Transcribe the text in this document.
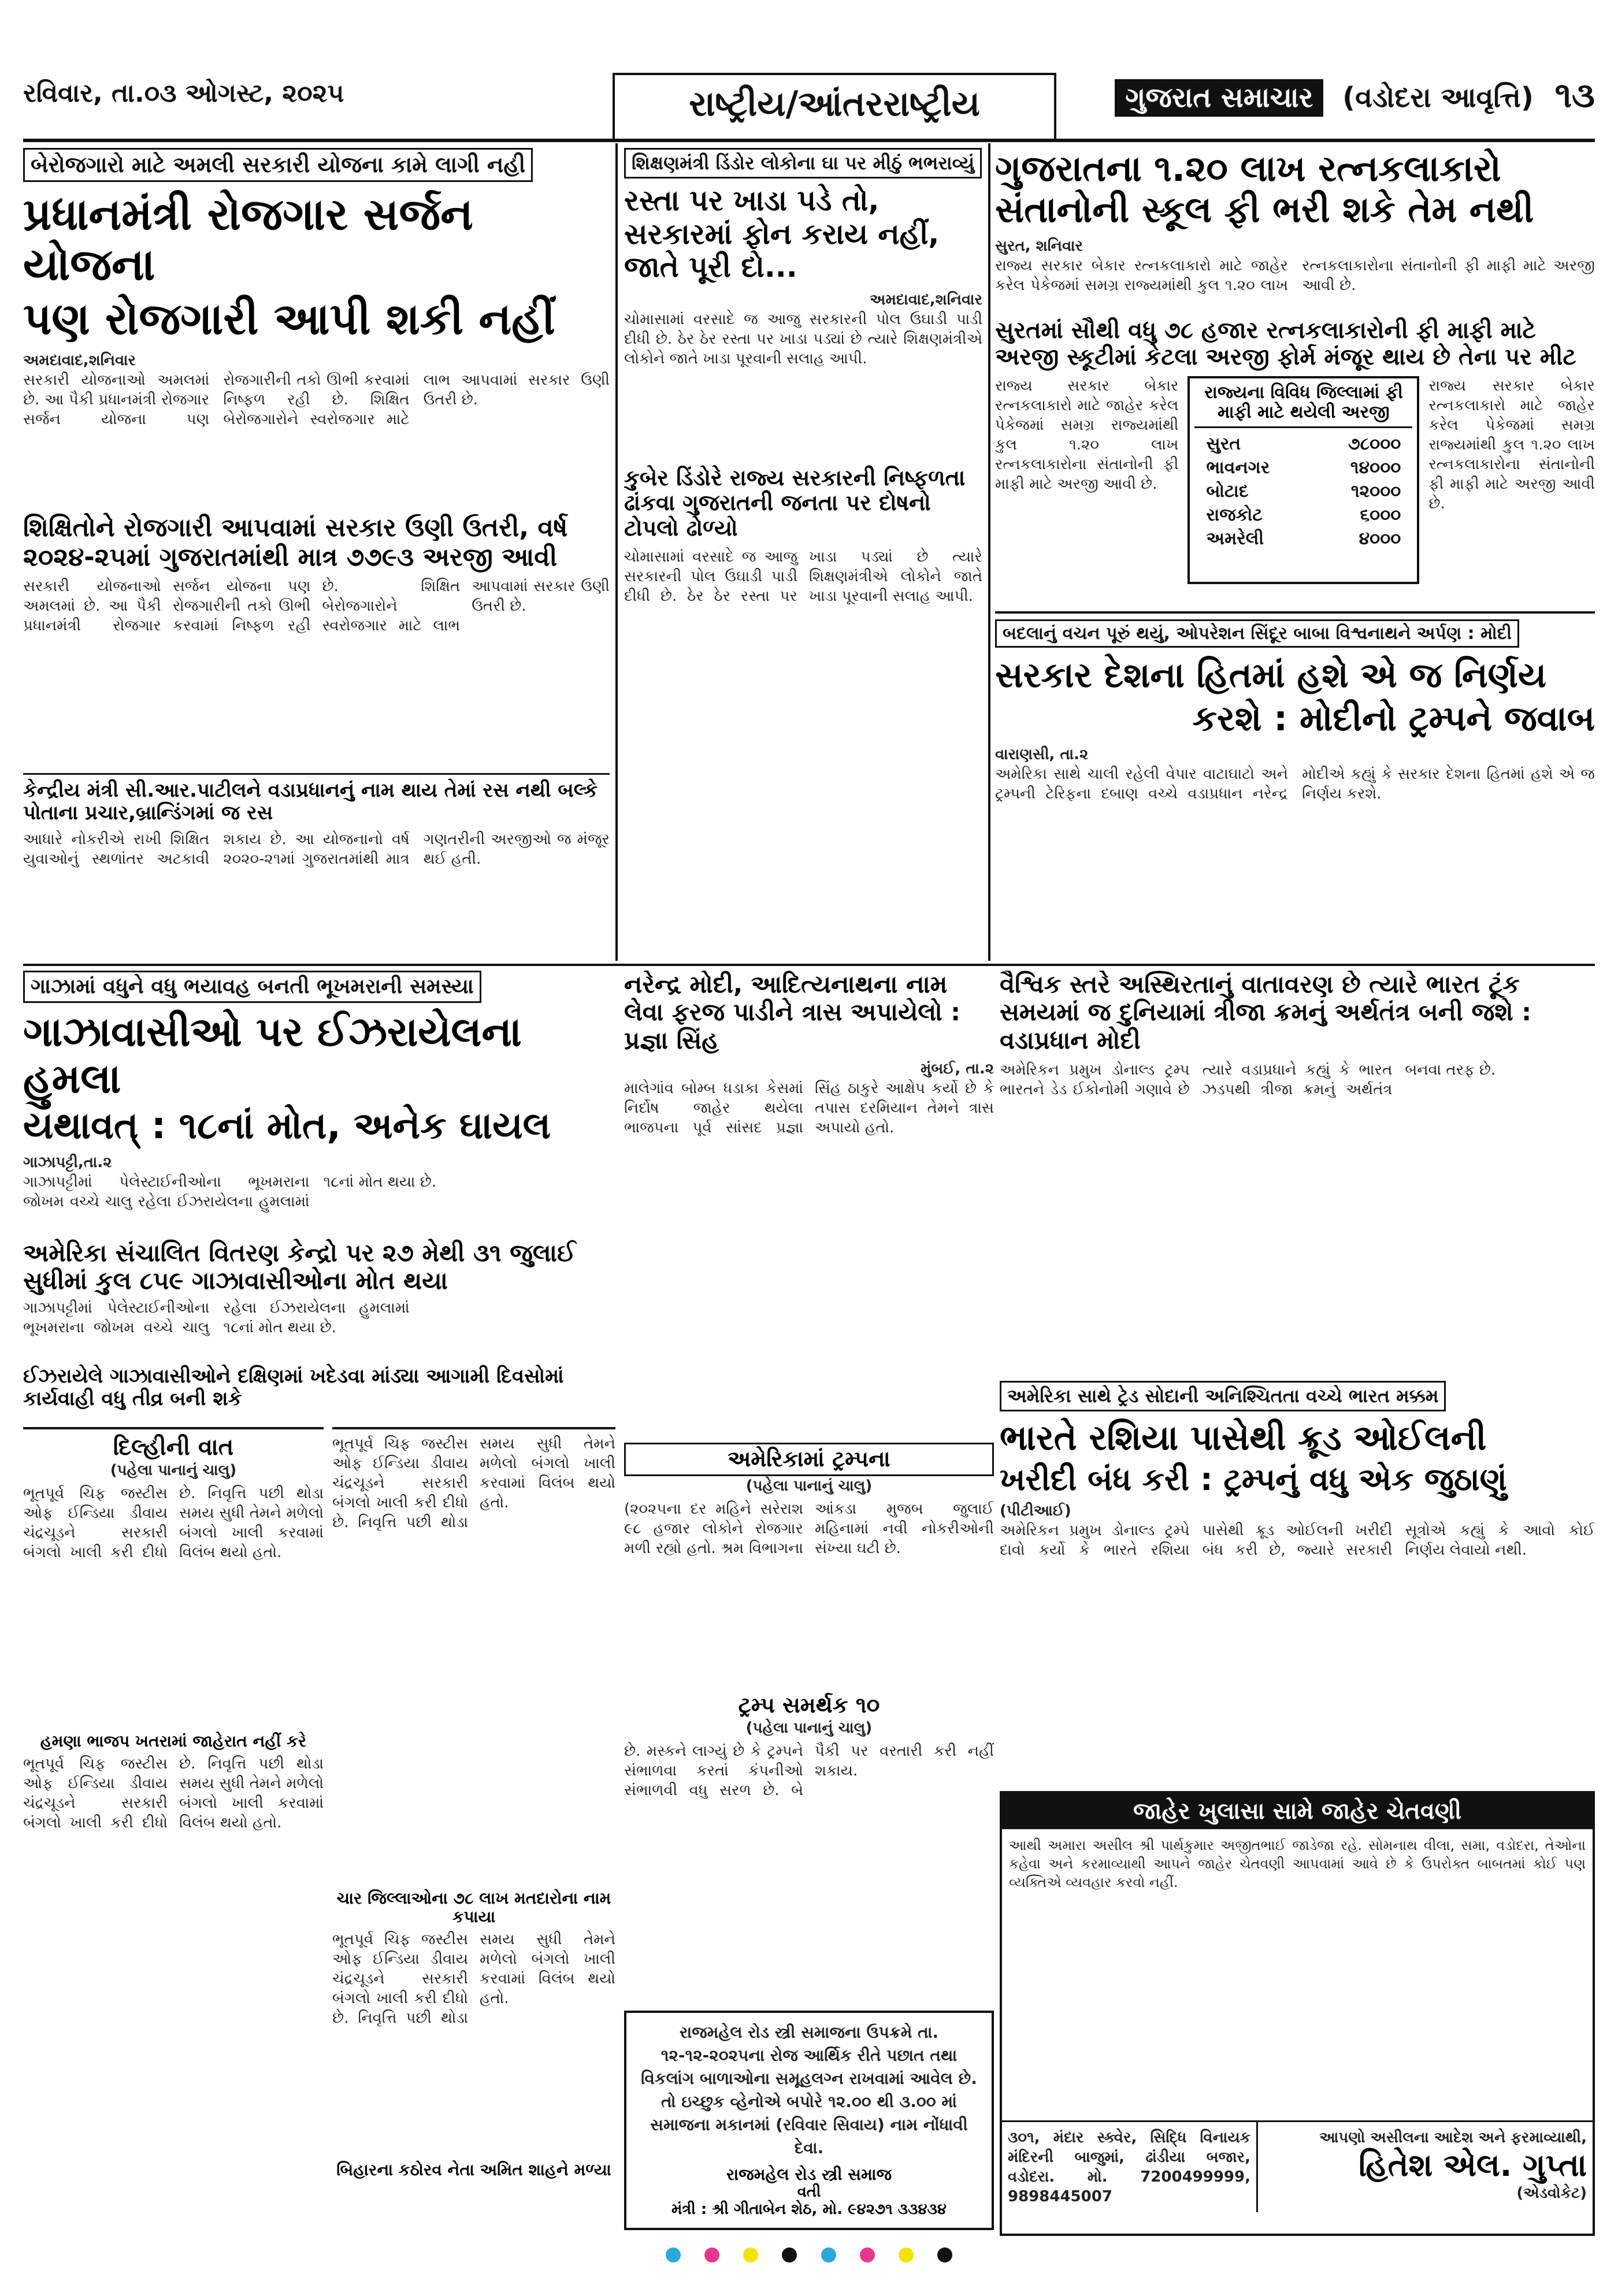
રવિવાર, તા.૦૩ ઓગસ્ટ, ૨૦૨૫	રાષ્ટ્રીય/આંતરરાષ્ટ્રીય	ગુજરાત સમાચાર (વડોદરા આવૃત્તિ) ૧૩
બેરોજગારો માટે અમલી સરકારી યોજના કામે લાગી નહી
પ્રધાનમંત્રી રોજગાર સર્જન યોજના
પણ રોજગારી આપી શકી નહીં
અમદાવાદ,શનિવાર
સરકારી યોજનાઓ અમલમાં છે. આ પૈકી પ્રધાનમંત્રી રોજગાર સર્જન યોજના પણ રોજગારીની તકો ઊભી કરવામાં નિષ્ફળ રહી છે. શિક્ષિત બેરોજગારોને સ્વરોજગાર માટે લાભ આપવામાં સરકાર ઉણી ઉતરી છે.
શિક્ષિતોને રોજગારી આપવામાં સરકાર ઉણી ઉતરી, વર્ષ ૨૦૨૪-૨૫માં ગુજરાતમાંથી માત્ર ૭૭૯૩ અરજી આવી
સરકારી યોજનાઓ અમલમાં છે. આ પૈકી પ્રધાનમંત્રી રોજગાર સર્જન યોજના પણ રોજગારીની તકો ઊભી કરવામાં નિષ્ફળ રહી છે. શિક્ષિત બેરોજગારોને સ્વરોજગાર માટે લાભ આપવામાં સરકાર ઉણી ઉતરી છે.
કેન્દ્રીય મંત્રી સી.આર.પાટીલને વડાપ્રધાનનું નામ થાય તેમાં રસ નથી બલ્કે પોતાના પ્રચાર,બ્રાન્ડિંગમાં જ રસ
આધારે નોકરીએ રાખી શિક્ષિત યુવાઓનું સ્થળાંતર અટકાવી શકાય છે. આ યોજનાનો વર્ષ ૨૦૨૦-૨૧માં ગુજરાતમાંથી માત્ર ગણતરીની અરજીઓ જ મંજૂર થઈ હતી.
શિક્ષણમંત્રી ડિંડોર લોકોના ઘા પર મીઠું ભભરાવ્યું
રસ્તા પર ખાડા પડે તો, સરકારમાં ફોન કરાય નહીં, જાતે પૂરી દો...
અમદાવાદ,શનિવાર
ચોમાસામાં વરસાદે જ આજુ સરકારની પોલ ઉઘાડી પાડી દીધી છે. ઠેર ઠેર રસ્તા પર ખાડા પડ્યાં છે ત્યારે શિક્ષણમંત્રીએ લોકોને જાતે ખાડા પૂરવાની સલાહ આપી.
કુબેર ડિંડોરે રાજ્ય સરકારની નિષ્ફળતા ઢાંકવા ગુજરાતની જનતા પર દોષનો ટોપલો ઢોળ્યો
ચોમાસામાં વરસાદે જ આજુ સરકારની પોલ ઉઘાડી પાડી દીધી છે. ઠેર ઠેર રસ્તા પર ખાડા પડ્યાં છે ત્યારે શિક્ષણમંત્રીએ લોકોને જાતે ખાડા પૂરવાની સલાહ આપી.
ગુજરાતના ૧.૨૦ લાખ રત્નકલાકારો સંતાનોની સ્કૂલ ફી ભરી શકે તેમ નથી
સુરત, શનિવાર
રાજ્ય સરકાર બેકાર રત્નકલાકારો માટે જાહેર કરેલ પેકેજમાં સમગ્ર રાજ્યમાંથી કુલ ૧.૨૦ લાખ રત્નકલાકારોના સંતાનોની ફી માફી માટે અરજી આવી છે.
સુરતમાં સૌથી વધુ ૭૮ હજાર રત્નકલાકારોની ફી માફી માટે અરજી સ્કૂટીમાં કેટલા અરજી ફોર્મ મંજૂર થાય છે તેના પર મીટ
રાજ્ય સરકાર બેકાર રત્નકલાકારો માટે જાહેર કરેલ પેકેજમાં સમગ્ર રાજ્યમાંથી કુલ ૧.૨૦ લાખ રત્નકલાકારોના સંતાનોની ફી માફી માટે અરજી આવી છે.
રાજ્યના વિવિધ જિલ્લામાં ફી માફી માટે થયેલી અરજી
સુરત	૭૮૦૦૦
ભાવનગર	૧૪૦૦૦
બોટાદ	૧૨૦૦૦
રાજકોટ	૬૦૦૦
અમરેલી	૪૦૦૦
રાજ્ય સરકાર બેકાર રત્નકલાકારો માટે જાહેર કરેલ પેકેજમાં સમગ્ર રાજ્યમાંથી કુલ ૧.૨૦ લાખ રત્નકલાકારોના સંતાનોની ફી માફી માટે અરજી આવી છે.
બદલાનું વચન પૂરું થયું, ઓપરેશન સિંદૂર બાબા વિશ્વનાથને અર્પણ : મોદી
સરકાર દેશના હિતમાં હશે એ જ નિર્ણય
કરશે : મોદીનો ટ્રમ્પને જવાબ
વારાણસી, તા.૨
અમેરિકા સાથે ચાલી રહેલી વેપાર વાટાઘાટો અને ટ્રમ્પની ટેરિફના દબાણ વચ્ચે વડાપ્રધાન નરેન્દ્ર મોદીએ કહ્યું કે સરકાર દેશના હિતમાં હશે એ જ નિર્ણય કરશે.
ગાઝામાં વધુને વધુ ભયાવહ બનતી ભૂખમરાની સમસ્યા
ગાઝાવાસીઓ પર ઈઝરાયેલના હુમલા
યથાવત્ : ૧૮નાં મોત, અનેક ઘાયલ
ગાઝાપટ્ટી,તા.૨
ગાઝાપટ્ટીમાં પેલેસ્ટાઈનીઓના ભૂખમરાના જોખમ વચ્ચે ચાલુ રહેલા ઈઝરાયેલના હુમલામાં ૧૮નાં મોત થયા છે.
અમેરિકા સંચાલિત વિતરણ કેન્દ્રો પર ૨૭ મેથી ૩૧ જુલાઈ સુધીમાં કુલ ૮૫૯ ગાઝાવાસીઓના મોત થયા
ગાઝાપટ્ટીમાં પેલેસ્ટાઈનીઓના ભૂખમરાના જોખમ વચ્ચે ચાલુ રહેલા ઈઝરાયેલના હુમલામાં ૧૮નાં મોત થયા છે.
ઈઝરાયેલે ગાઝાવાસીઓને દક્ષિણમાં ખદેડવા માંડ્યા આગામી દિવસોમાં કાર્યવાહી વધુ તીવ્ર બની શકે
નરેન્દ્ર મોદી, આદિત્યનાથના નામ લેવા ફરજ પાડીને ત્રાસ અપાયેલો : પ્રજ્ઞા સિંહ
મુંબઈ, તા.૨
માલેગાંવ બોમ્બ ધડાકા કેસમાં નિર્દોષ જાહેર થયેલા ભાજપના પૂર્વ સાંસદ પ્રજ્ઞા સિંહ ઠાકુરે આક્ષેપ કર્યો છે કે તપાસ દરમિયાન તેમને ત્રાસ અપાયો હતો.
અમેરિકામાં ટ્રમ્પના
(પહેલા પાનાનું ચાલુ)
(૨૦૨૫ના દર મહિને સરેરાશ ૯૮ હજાર લોકોને રોજગાર મળી રહ્યો હતો. શ્રમ વિભાગના આંકડા મુજબ જુલાઈ મહિનામાં નવી નોકરીઓની સંખ્યા ઘટી છે.
વૈશ્વિક સ્તરે અસ્થિરતાનું વાતાવરણ છે ત્યારે ભારત ટૂંક સમયમાં જ દુનિયામાં ત્રીજા ક્રમનું અર્થતંત્ર બની જશે : વડાપ્રધાન મોદી
અમેરિકન પ્રમુખ ડોનાલ્ડ ટ્રમ્પ ભારતને ડેડ ઈકોનોમી ગણાવે છે ત્યારે વડાપ્રધાને કહ્યું કે ભારત ઝડપથી ત્રીજા ક્રમનું અર્થતંત્ર બનવા તરફ છે.
અમેરિકા સાથે ટ્રેડ સોદાની અનિશ્ચિતતા વચ્ચે ભારત મક્કમ
ભારતે રશિયા પાસેથી ક્રૂડ ઓઈલની
ખરીદી બંધ કરી : ટ્રમ્પનું વધુ એક જુઠાણું
(પીટીઆઈ)
અમેરિકન પ્રમુખ ડોનાલ્ડ ટ્રમ્પે દાવો કર્યો કે ભારતે રશિયા પાસેથી ક્રૂડ ઓઈલની ખરીદી બંધ કરી છે, જ્યારે સરકારી સૂત્રોએ કહ્યું કે આવો કોઈ નિર્ણય લેવાયો નથી.
દિલ્હીની વાત
(પહેલા પાનાનું ચાલુ)
ભૂતપૂર્વ ચિફ જસ્ટીસ ઓફ ઈન્ડિયા ડીવાય ચંદ્રચૂડને સરકારી બંગલો ખાલી કરી દીધો છે. નિવૃત્તિ પછી થોડા સમય સુધી તેમને મળેલો બંગલો ખાલી કરવામાં વિલંબ થયો હતો.
હમણા ભાજપ ખતરામાં જાહેરાત નહીં કરે
ભૂતપૂર્વ ચિફ જસ્ટીસ ઓફ ઈન્ડિયા ડીવાય ચંદ્રચૂડને સરકારી બંગલો ખાલી કરી દીધો છે. નિવૃત્તિ પછી થોડા સમય સુધી તેમને મળેલો બંગલો ખાલી કરવામાં વિલંબ થયો હતો.
ભૂતપૂર્વ ચિફ જસ્ટીસ ઓફ ઈન્ડિયા ડીવાય ચંદ્રચૂડને સરકારી બંગલો ખાલી કરી દીધો છે. નિવૃત્તિ પછી થોડા સમય સુધી તેમને મળેલો બંગલો ખાલી કરવામાં વિલંબ થયો હતો.
ચાર જિલ્લાઓના ૭૮ લાખ મતદારોના નામ કપાયા
ભૂતપૂર્વ ચિફ જસ્ટીસ ઓફ ઈન્ડિયા ડીવાય ચંદ્રચૂડને સરકારી બંગલો ખાલી કરી દીધો છે. નિવૃત્તિ પછી થોડા સમય સુધી તેમને મળેલો બંગલો ખાલી કરવામાં વિલંબ થયો હતો.
બિહારના કઠોરવ નેતા અમિત શાહને મળ્યા
ટ્રમ્પ સમર્થક ૧૦
(પહેલા પાનાનું ચાલુ)
છે. મસ્કને લાગ્યું છે કે ટ્રમ્પને સંભાળવા કરતાં કંપનીઓ સંભાળવી વધુ સરળ છે. બે પૈકી પર વરતારી કરી નહીં શકાય.
રાજમહેલ રોડ સ્ત્રી સમાજના ઉપક્રમે તા. ૧૨-૧૨-૨૦૨૫ના રોજ આર્થિક રીતે પછાત તથા વિકલાંગ બાળાઓના સમૂહલગ્ન રાખવામાં આવેલ છે. તો ઇચ્છુક વ્હેનોએ બપોરે ૧૨.૦૦ થી ૩.૦૦ માં સમાજના મકાનમાં (રવિવાર સિવાય) નામ નોંધાવી દેવા.
રાજમહેલ રોડ સ્ત્રી સમાજ
વતી
મંત્રી : શ્રી ગીતાબેન શેઠ, મો. ૯૪૨૭૧ ૩૩૪૩૪
જાહેર ખુલાસા સામે જાહેર ચેતવણી
આથી અમારા અસીલ શ્રી પાર્થકુમાર અજીતભાઈ જાડેજા રહે. સોમનાથ વીલા, સમા, વડોદરા, તેઓના કહેવા અને કરમાવ્યાથી આપને જાહેર ચેતવણી આપવામાં આવે છે કે ઉપરોક્ત બાબતમાં કોઈ પણ વ્યક્તિએ વ્યવહાર કરવો નહીં.
૩૦૧, મંદાર સ્ક્વેર, સિદ્ધિ વિનાયક મંદિરની બાજુમાં, ઢાંડીયા બજાર, વડોદરા. મો. 7200499999, 9898445007
આપણો અસીલના આદેશ અને ફરમાવ્યાથી,
હિતેશ એલ. ગુપ્તા
(એડવોકેટ)
